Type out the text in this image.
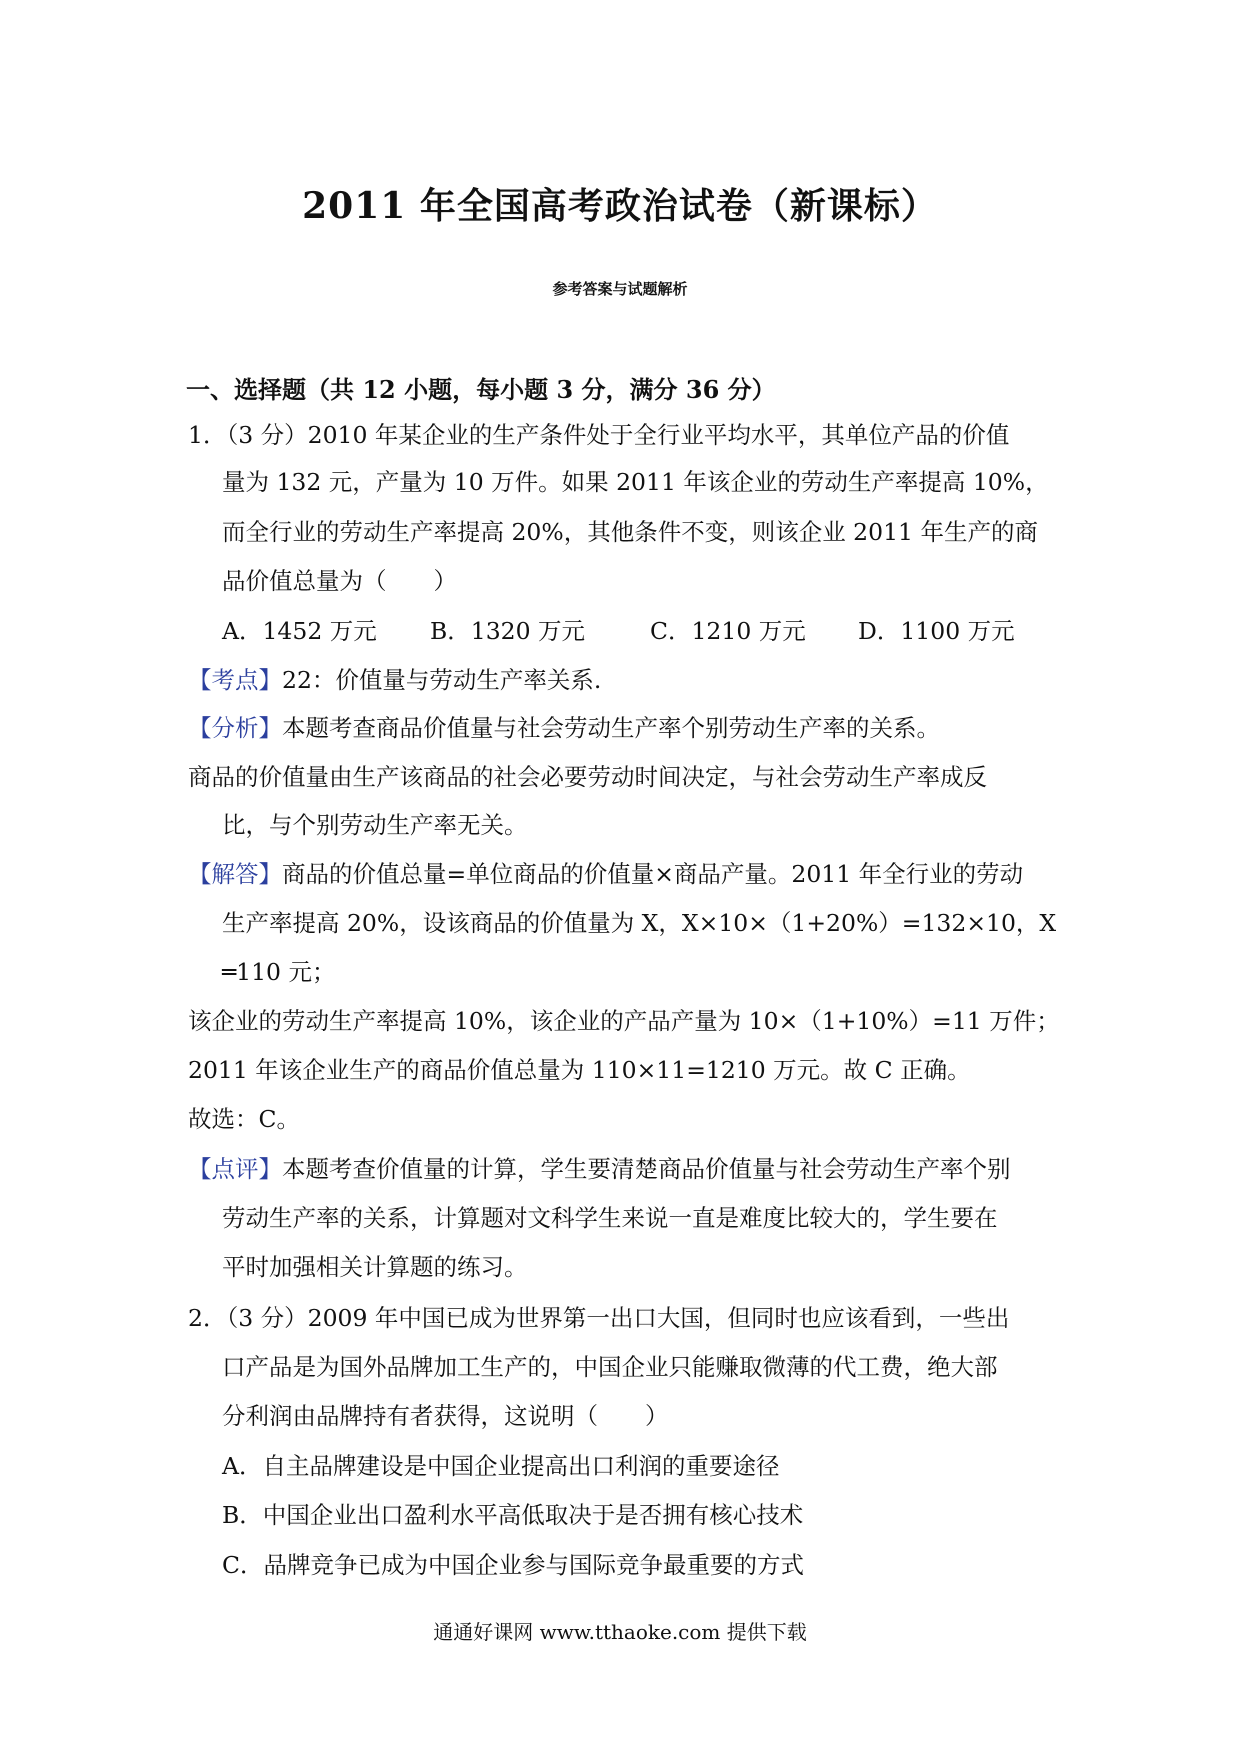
2011 年全国高考政治试卷（新课标）
参考答案与试题解析
一、选择题（共 12 小题，每小题 3 分，满分 36 分）
1．（3 分）2010 年某企业的生产条件处于全行业平均水平，其单位产品的价值
量为 132 元，产量为 10 万件。如果 2011 年该企业的劳动生产率提高 10%，
而全行业的劳动生产率提高 20%，其他条件不变，则该企业 2011 年生产的商
品价值总量为（　　）
A．1452 万元 B．1320 万元	C．1210 万元 D．1100 万元
【考点】22：价值量与劳动生产率关系.
【分析】本题考查商品价值量与社会劳动生产率个别劳动生产率的关系。
商品的价值量由生产该商品的社会必要劳动时间决定，与社会劳动生产率成反
比，与个别劳动生产率无关。
【解答】商品的价值总量=单位商品的价值量×商品产量。2011 年全行业的劳动
生产率提高 20%，设该商品的价值量为 X，X×10×（1+20%）=132×10，X
═110 元；
该企业的劳动生产率提高 10%，该企业的产品产量为 10×（1+10%）=11 万件；
2011 年该企业生产的商品价值总量为 110×11=1210 万元。故 C 正确。
故选：C。
【点评】本题考查价值量的计算，学生要清楚商品价值量与社会劳动生产率个别
劳动生产率的关系，计算题对文科学生来说一直是难度比较大的，学生要在
平时加强相关计算题的练习。
2．（3 分）2009 年中国已成为世界第一出口大国，但同时也应该看到，一些出
口产品是为国外品牌加工生产的，中国企业只能赚取微薄的代工费，绝大部
分利润由品牌持有者获得，这说明（　　）
A．自主品牌建设是中国企业提高出口利润的重要途径
B．中国企业出口盈利水平高低取决于是否拥有核心技术
C．品牌竞争已成为中国企业参与国际竞争最重要的方式
通通好课网 www.tthaoke.com 提供下载
